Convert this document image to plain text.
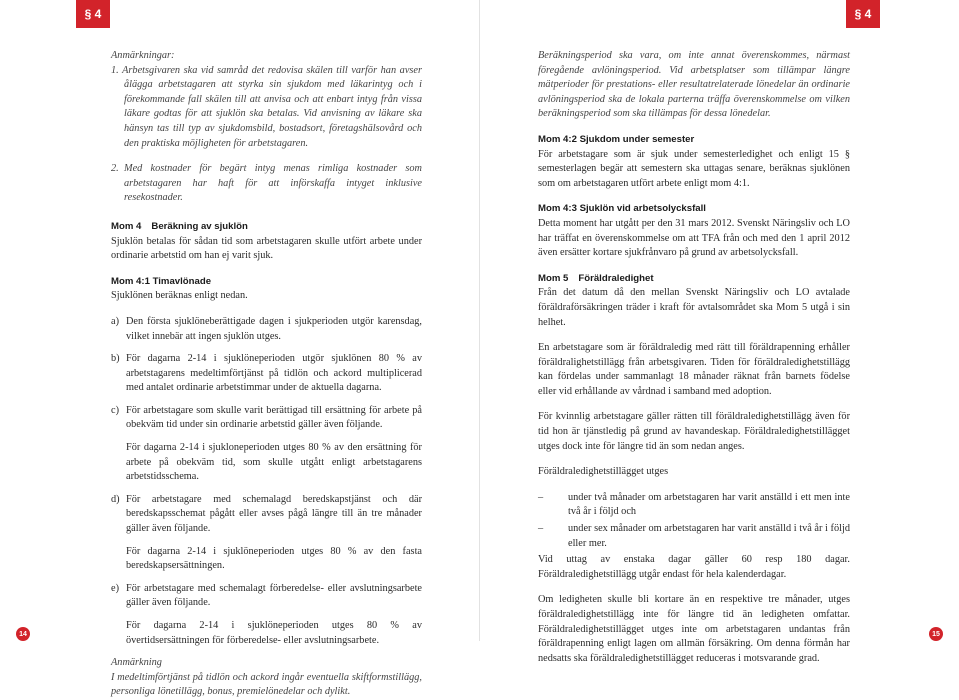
§ 4
Anmärkningar:
1. Arbetsgivaren ska vid samråd det redovisa skälen till varför han avser ålägga arbetstagaren att styrka sin sjukdom med läkarintyg och i förekommande fall skälen till att anvisa och att enbart intyg från vissa läkare godtas för att sjuklön ska betalas. Vid anvisning av läkare ska hänsyn tas till typ av sjukdomsbild, bostadsort, företagshälsovård och den praktiska möjligheten för arbetstagaren.
2. Med kostnader för begärt intyg menas rimliga kostnader som arbetstagaren har haft för att införskaffa intyget inklusive resekostnader.
Mom 4 Beräkning av sjuklön
Sjuklön betalas för sådan tid som arbetstagaren skulle utfört arbete under ordinarie arbetstid om han ej varit sjuk.
Mom 4:1 Timavlönade
Sjuklönen beräknas enligt nedan.
a) Den första sjuklöneberättigade dagen i sjukperioden utgör karensdag, vilket innebär att ingen sjuklön utges.
b) För dagarna 2-14 i sjuklöneperioden utgör sjuklönen 80 % av arbetstagarens medeltimförtjänst på tidlön och ackord multiplicerad med antalet ordinarie arbetstimmar under de aktuella dagarna.
c) För arbetstagare som skulle varit berättigad till ersättning för arbete på obekväm tid under sin ordinarie arbetstid gäller även följande.
För dagarna 2-14 i sjukloneperioden utges 80 % av den ersättning för arbete på obekväm tid, som skulle utgått enligt arbetstagarens arbetstidsschema.
d) För arbetstagare med schemalagd beredskapstjänst och där beredskapsschemat pågått eller avses pågå längre till än tre månader gäller även följande.
För dagarna 2-14 i sjuklöneperioden utges 80 % av den fasta beredskapsersättningen.
e) För arbetstagare med schemalagt förberedelse- eller avslutningsarbete gäller även följande.
För dagarna 2-14 i sjuklöneperioden utges 80 % av övertidsersättningen för förberedelse- eller avslutningsarbete.
Anmärkning
I medeltimförtjänst på tidlön och ackord ingår eventuella skiftformstillägg, personliga lönetillägg, bonus, premielönedelar och dylikt.
14
Beräkningsperiod ska vara, om inte annat överenskommes, närmast föregående avlöningsperiod. Vid arbetsplatser som tillämpar längre mätperioder för prestations- eller resultatrelaterade lönedelar än ordinarie avlöningsperiod ska de lokala parterna träffa överenskommelse om vilken beräkningsperiod som ska tillämpas för dessa lönedelar.
Mom 4:2 Sjukdom under semester
För arbetstagare som är sjuk under semesterledighet och enligt 15 § semesterlagen begär att semestern ska uttagas senare, beräknas sjuklönen som om arbetstagaren utfört arbete enligt mom 4:1.
Mom 4:3 Sjuklön vid arbetsolycksfall
Detta moment har utgått per den 31 mars 2012. Svenskt Näringsliv och LO har träffat en överenskommelse om att TFA från och med den 1 april 2012 även ersätter kortare sjukfrånvaro på grund av arbetsolycksfall.
Mom 5 Föräldraledighet
Från det datum då den mellan Svenskt Näringsliv och LO avtalade föräldraförsäkringen träder i kraft för avtalsområdet ska Mom 5 utgå i sin helhet.
En arbetstagare som är föräldraledig med rätt till föräldrapenning erhåller föräldralighetstillägg från arbetsgivaren. Tiden för föräldraledighetstillägg kan fördelas under sammanlagt 18 månader räknat från barnets födelse eller vid erhållande av vårdnad i samband med adoption.
För kvinnlig arbetstagare gäller rätten till föräldraledighetstillägg även för tid hon är tjänstledig på grund av havandeskap. Föräldraledighetstillägget utges dock inte för längre tid än som nedan anges.
Föräldraledighetstillägget utges
–	under två månader om arbetstagaren har varit anställd i ett men inte två år i följd och
–	under sex månader om arbetstagaren har varit anställd i två år i följd eller mer.
Vid uttag av enstaka dagar gäller 60 resp 180 dagar. Föräldraledighetstillägg utgår endast för hela kalenderdagar.
Om ledigheten skulle bli kortare än en respektive tre månader, utges föräldraledighetstillägg inte för längre tid än ledigheten omfattar. Föräldraledighetstillägget utges inte om arbetstagaren undantas från föräldrapenning enligt lagen om allmän försäkring. Om denna förmån har nedsatts ska föräldraledighetstillägget reduceras i motsvarande grad.
§ 4
15
